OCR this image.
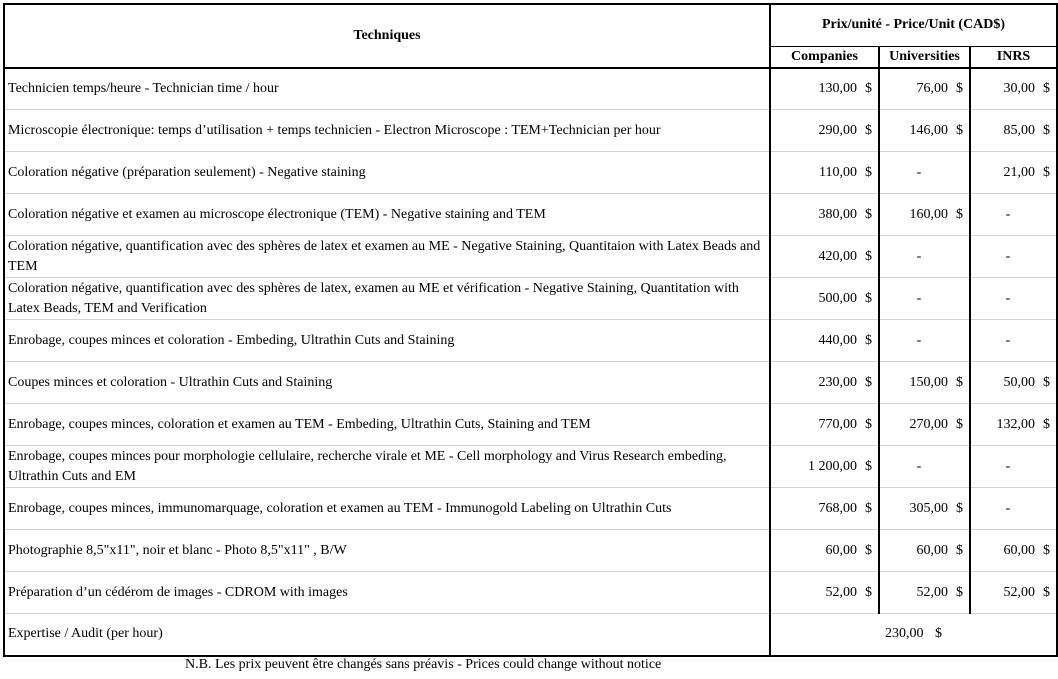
Techniques	Prix/unité - Price/Unit (CAD$)		
	Companies	Universities	INRS
Technicien temps/heure - Technician time / hour	130,00 $	76,00 $	30,00 $
Microscopie électronique: temps d’utilisation + temps technicien - Electron Microscope : TEM+Technician per hour	290,00 $	146,00 $	85,00 $
Coloration négative (préparation seulement) - Negative staining	110,00 $	-	21,00 $
Coloration négative et examen au microscope électronique (TEM) - Negative staining and TEM	380,00 $	160,00 $	-
Coloration négative, quantification avec des sphères de latex et examen au ME - Negative Staining, Quantitaion with Latex Beads and TEM	420,00 $	-	-
Coloration négative, quantification avec des sphères de latex, examen au ME et vérification - Negative Staining, Quantitation with Latex Beads, TEM and Verification	500,00 $	-	-
Enrobage, coupes minces et coloration - Embeding, Ultrathin Cuts and Staining	440,00 $	-	-
Coupes minces et coloration - Ultrathin Cuts and Staining	230,00 $	150,00 $	50,00 $
Enrobage, coupes minces, coloration et examen au TEM - Embeding, Ultrathin Cuts, Staining and TEM	770,00 $	270,00 $	132,00 $
Enrobage, coupes minces pour morphologie cellulaire, recherche virale et ME - Cell morphology and Virus Research embeding, Ultrathin Cuts and EM	1 200,00 $	-	-
Enrobage, coupes minces, immunomarquage, coloration et examen au TEM - Immunogold Labeling on Ultrathin Cuts	768,00 $	305,00 $	-
Photographie 8,5"x11", noir et blanc - Photo 8,5"x11" , B/W	60,00 $	60,00 $	60,00 $
Préparation d’un cédérom de images - CDROM with images	52,00 $	52,00 $	52,00 $
Expertise / Audit (per hour)	230,00 $		
N.B. Les prix peuvent être changés sans préavis - Prices could change without notice
